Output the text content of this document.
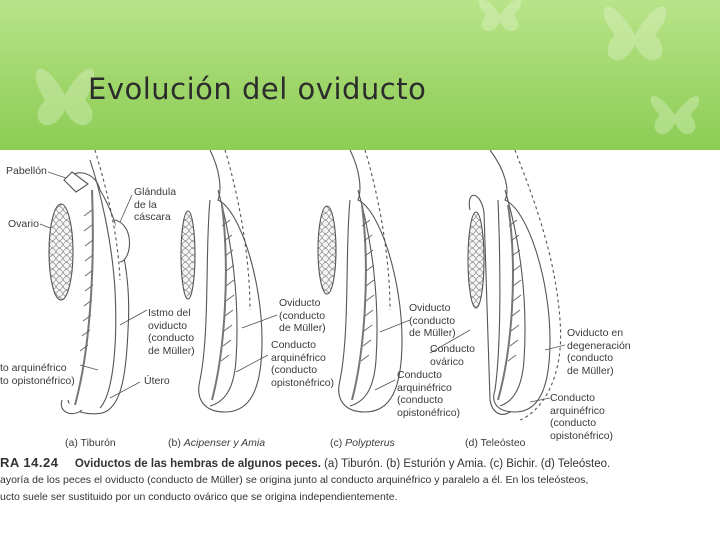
Evolución del oviducto
Pabellón
Ovario
Glándula
de la
cáscara
Istmo del
oviducto
(conducto
de Müller)
to arquinéfrico
to opistonéfrico)	Útero
Oviducto
(conducto
de Müller)
Conducto
arquinéfrico
(conducto
opistonéfrico)
Oviducto
(conducto
de Müller)
Conducto
ovárico
Conducto
arquinéfrico
(conducto
opistonéfrico)
Oviducto en
degeneración
(conducto
de Müller)
Conducto
arquinéfrico
(conducto
opistonéfrico)
(a) Tiburón	(b) Acipenser y Amia	(c) Polypterus	(d) Teleósteo
RA 14.24 Oviductos de las hembras de algunos peces. (a) Tiburón. (b) Esturión y Amia. (c) Bichir. (d) Teleósteo.
ayoría de los peces el oviducto (conducto de Müller) se origina junto al conducto arquinéfrico y paralelo a él. En los teleósteos,
ucto suele ser sustituido por un conducto ovárico que se origina independientemente.
